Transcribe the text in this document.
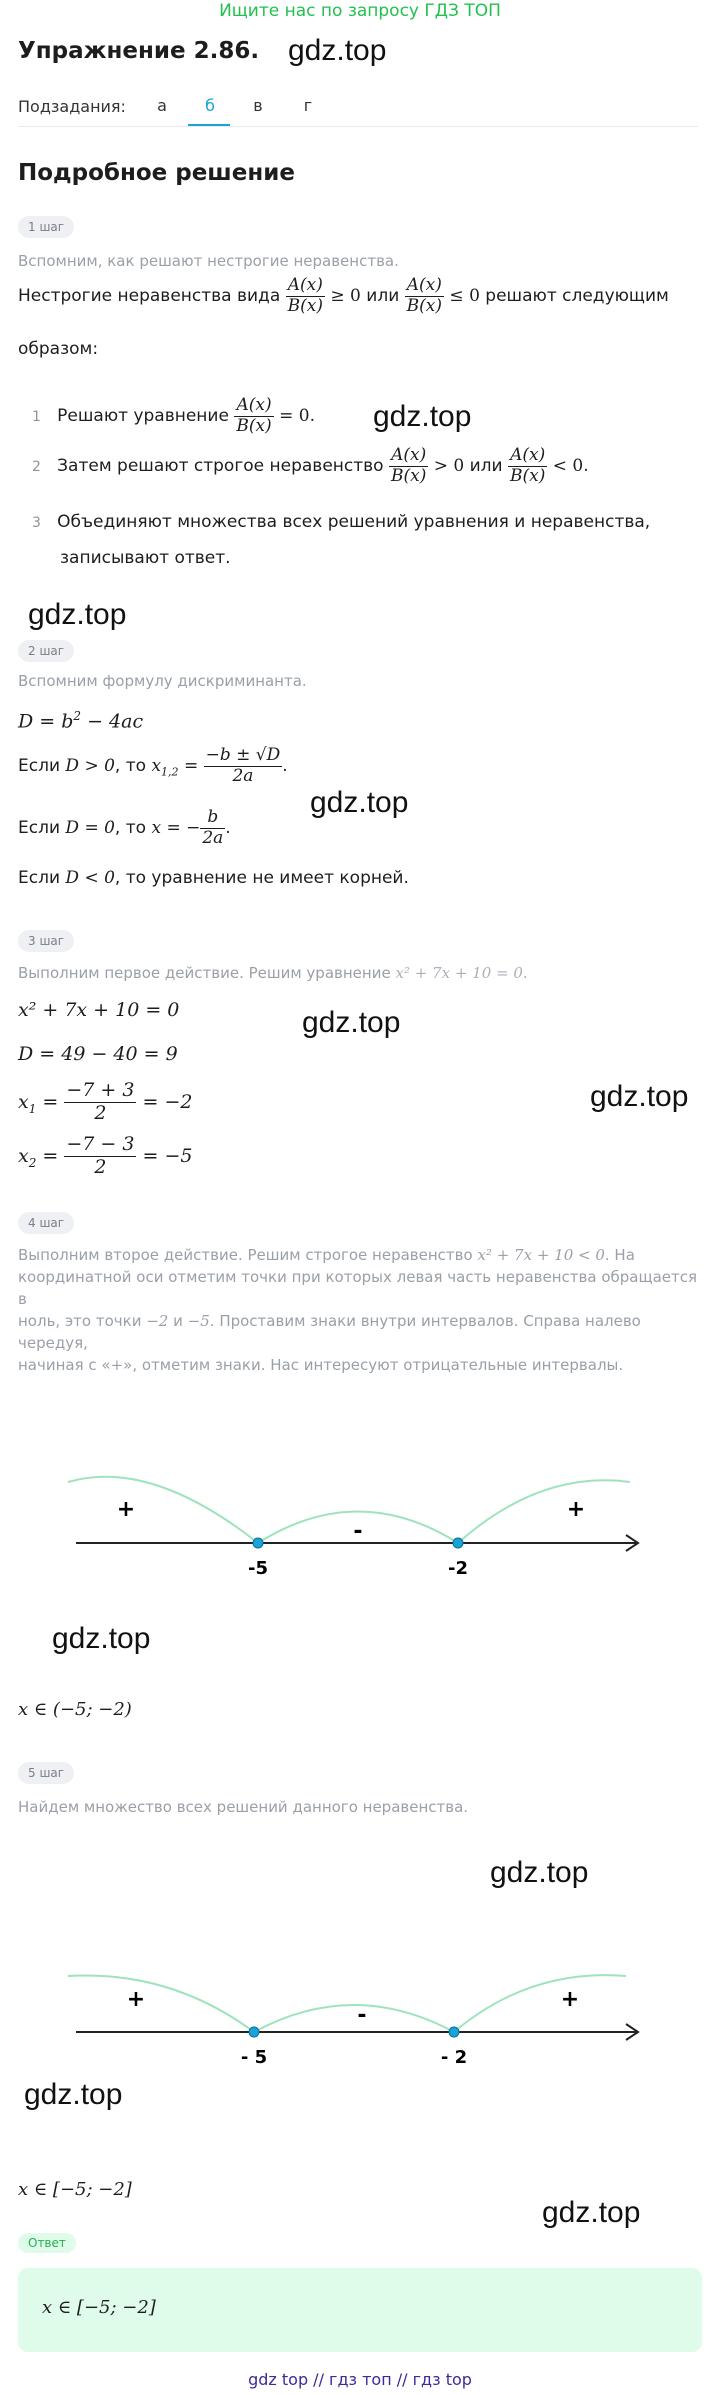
Ищите нас по запросу ГДЗ ТОП
Упражнение 2.86. gdz.top
Подзадания:	а	б	в	г
Подробное решение
1 шаг
Вспомним, как решают нестрогие неравенства.
Нестрогие неравенства вида $\frac{A(x)}{B(x)} \ge 0$ или $\frac{A(x)}{B(x)} \le 0$ решают следующим
образом:
1 Решают уравнение $\frac{A(x)}{B(x)} = 0$. gdz.top
2 Затем решают строгое неравенство $\frac{A(x)}{B(x)} > 0$ или $\frac{A(x)}{B(x)} < 0$.
3 Объединяют множества всех решений уравнения и неравенства,
записывают ответ.
gdz.top
2 шаг
Вспомним формулу дискриминанта.
$D = b^2 - 4ac$
Если D > 0, то $x_{1,2} = \frac{-b \pm √D}{2a}$ .
gdz.top
Если D = 0, то x = − $\frac{b}{2a}$ .
Если D < 0, то уравнение не имеет корней.
3 шаг
Выполним первое действие. Решим уравнение x² + 7x + 10 = 0.
x² + 7x + 10 = 0
D = 49 − 40 = 9
gdz.top
$x_1 = \frac{-7 + 3}{2} = -2$	gdz.top
$x_2 = \frac{-7 - 3}{2} = -5$
4 шаг
Выполним второе действие. Решим строгое неравенство x² + 7x + 10 < 0. На
координатной оси отметим точки при которых левая часть неравенства обращается в
ноль, это точки −2 и −5. Проставим знаки внутри интервалов. Справа налево чередуя,
начиная с «+», отметим знаки. Нас интересуют отрицательные интервалы.
+
-
+
-5	-2
gdz.top
x ∈ (−5; −2)
5 шаг
Найдем множество всех решений данного неравенства.
gdz.top
+
-
+
- 5	- 2
gdz.top
x ∈ [−5; −2]
gdz.top
Ответ
x ∈ [−5; −2]
gdz top // гдз топ // гдз top
